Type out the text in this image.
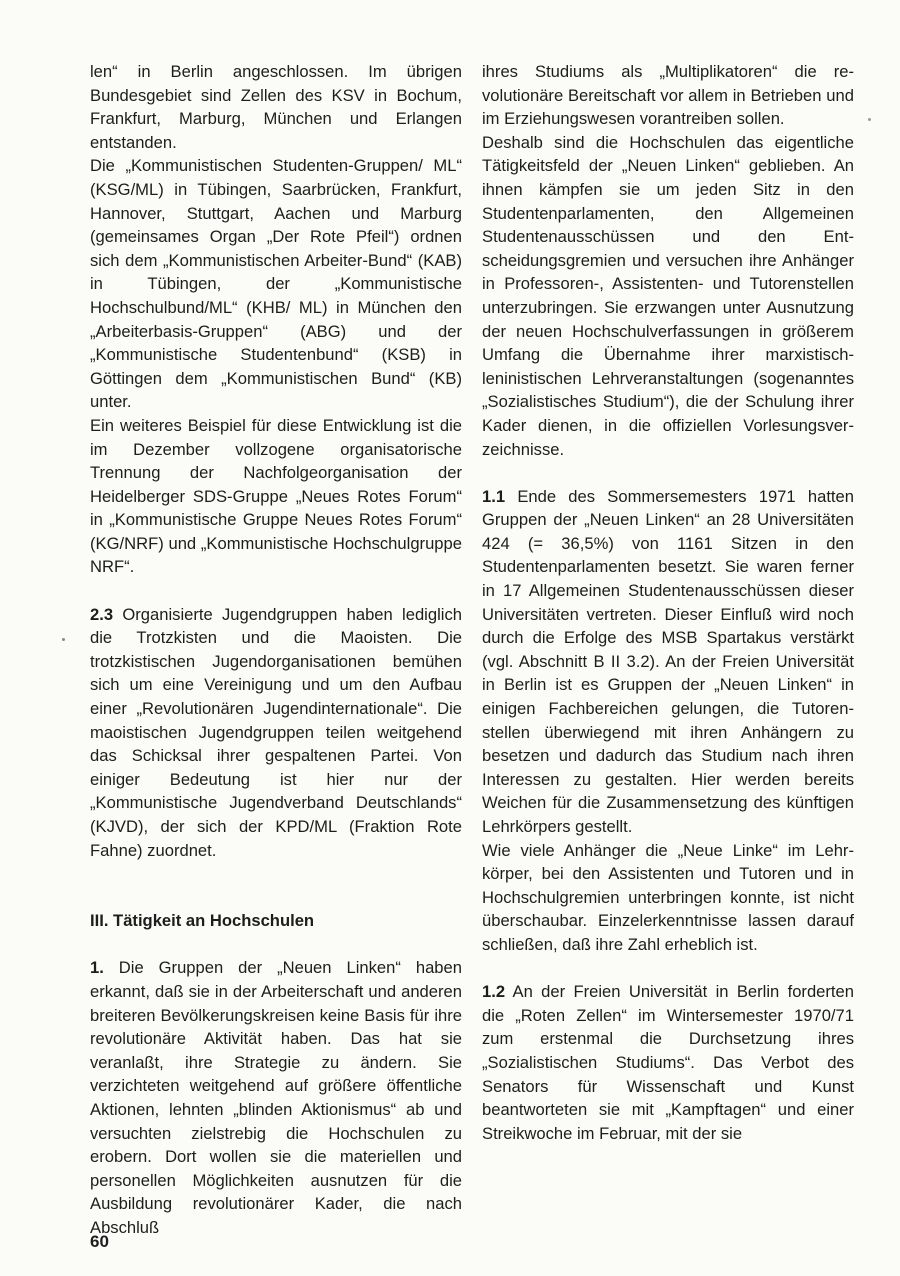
len“ in Berlin angeschlossen. Im übrigen Bundesgebiet sind Zellen des KSV in Bochum, Frankfurt, Marburg, München und Erlangen entstanden.

Die „Kommunistischen Studenten-Gruppen/ ML“ (KSG/ML) in Tübingen, Saarbrücken, Frankfurt, Hannover, Stuttgart, Aachen und Marburg (gemeinsames Organ „Der Rote Pfeil“) ordnen sich dem „Kommunistischen Arbeiter-Bund“ (KAB) in Tübingen, der „Kommunistische Hochschulbund/ML“ (KHB/ ML) in München den „Arbeiterbasis-Gruppen“ (ABG) und der „Kommunistische Studentenbund“ (KSB) in Göttingen dem „Kommunistischen Bund“ (KB) unter.

Ein weiteres Beispiel für diese Entwicklung ist die im Dezember vollzogene organisatorische Trennung der Nachfolgeorganisation der Heidelberger SDS-Gruppe „Neues Rotes Forum“ in „Kommunistische Gruppe Neues Rotes Forum“ (KG/NRF) und „Kommunistische Hochschulgruppe NRF“.

2.3 Organisierte Jugendgruppen haben lediglich die Trotzkisten und die Maoisten. Die trotzkistischen Jugendorganisationen bemühen sich um eine Vereinigung und um den Aufbau einer „Revolutionären Jugendinternationale“. Die maoistischen Jugendgruppen teilen weitgehend das Schicksal ihrer gespaltenen Partei. Von einiger Bedeutung ist hier nur der „Kommunistische Jugendverband Deutschlands“ (KJVD), der sich der KPD/ML (Fraktion Rote Fahne) zuordnet.

III. Tätigkeit an Hochschulen

1. Die Gruppen der „Neuen Linken“ haben erkannt, daß sie in der Arbeiterschaft und anderen breiteren Bevölkerungskreisen keine Basis für ihre revolutionäre Aktivität haben. Das hat sie veranlaßt, ihre Strategie zu ändern. Sie verzichteten weitgehend auf größere öffentliche Aktionen, lehnten „blinden Aktionismus“ ab und versuchten zielstrebig die Hochschulen zu erobern. Dort wollen sie die materiellen und personellen Möglichkeiten ausnutzen für die Ausbildung revolutionärer Kader, die nach Abschluß

ihres Studiums als „Multiplikatoren“ die revolutionäre Bereitschaft vor allem in Betrieben und im Erziehungswesen vorantreiben sollen.

Deshalb sind die Hochschulen das eigentliche Tätigkeitsfeld der „Neuen Linken“ geblieben. An ihnen kämpfen sie um jeden Sitz in den Studentenparlamenten, den Allgemeinen Studentenausschüssen und den Entscheidungsgremien und versuchen ihre Anhänger in Professoren-, Assistenten- und Tutorenstellen unterzubringen. Sie erzwangen unter Ausnutzung der neuen Hochschulverfassungen in größerem Umfang die Übernahme ihrer marxistisch-leninistischen Lehrveranstaltungen (sogenanntes „Sozialistisches Studium“), die der Schulung ihrer Kader dienen, in die offiziellen Vorlesungsverzeichnisse.

1.1 Ende des Sommersemesters 1971 hatten Gruppen der „Neuen Linken“ an 28 Universitäten 424 (= 36,5%) von 1161 Sitzen in den Studentenparlamenten besetzt. Sie waren ferner in 17 Allgemeinen Studentenausschüssen dieser Universitäten vertreten. Dieser Einfluß wird noch durch die Erfolge des MSB Spartakus verstärkt (vgl. Abschnitt B II 3.2). An der Freien Universität in Berlin ist es Gruppen der „Neuen Linken“ in einigen Fachbereichen gelungen, die Tutorenstellen überwiegend mit ihren Anhängern zu besetzen und dadurch das Studium nach ihren Interessen zu gestalten. Hier werden bereits Weichen für die Zusammensetzung des künftigen Lehrkörpers gestellt.

Wie viele Anhänger die „Neue Linke“ im Lehrkörper, bei den Assistenten und Tutoren und in Hochschulgremien unterbringen konnte, ist nicht überschaubar. Einzelerkenntnisse lassen darauf schließen, daß ihre Zahl erheblich ist.

1.2 An der Freien Universität in Berlin forderten die „Roten Zellen“ im Wintersemester 1970/71 zum erstenmal die Durchsetzung ihres „Sozialistischen Studiums“. Das Verbot des Senators für Wissenschaft und Kunst beantworteten sie mit „Kampftagen“ und einer Streikwoche im Februar, mit der sie

60
